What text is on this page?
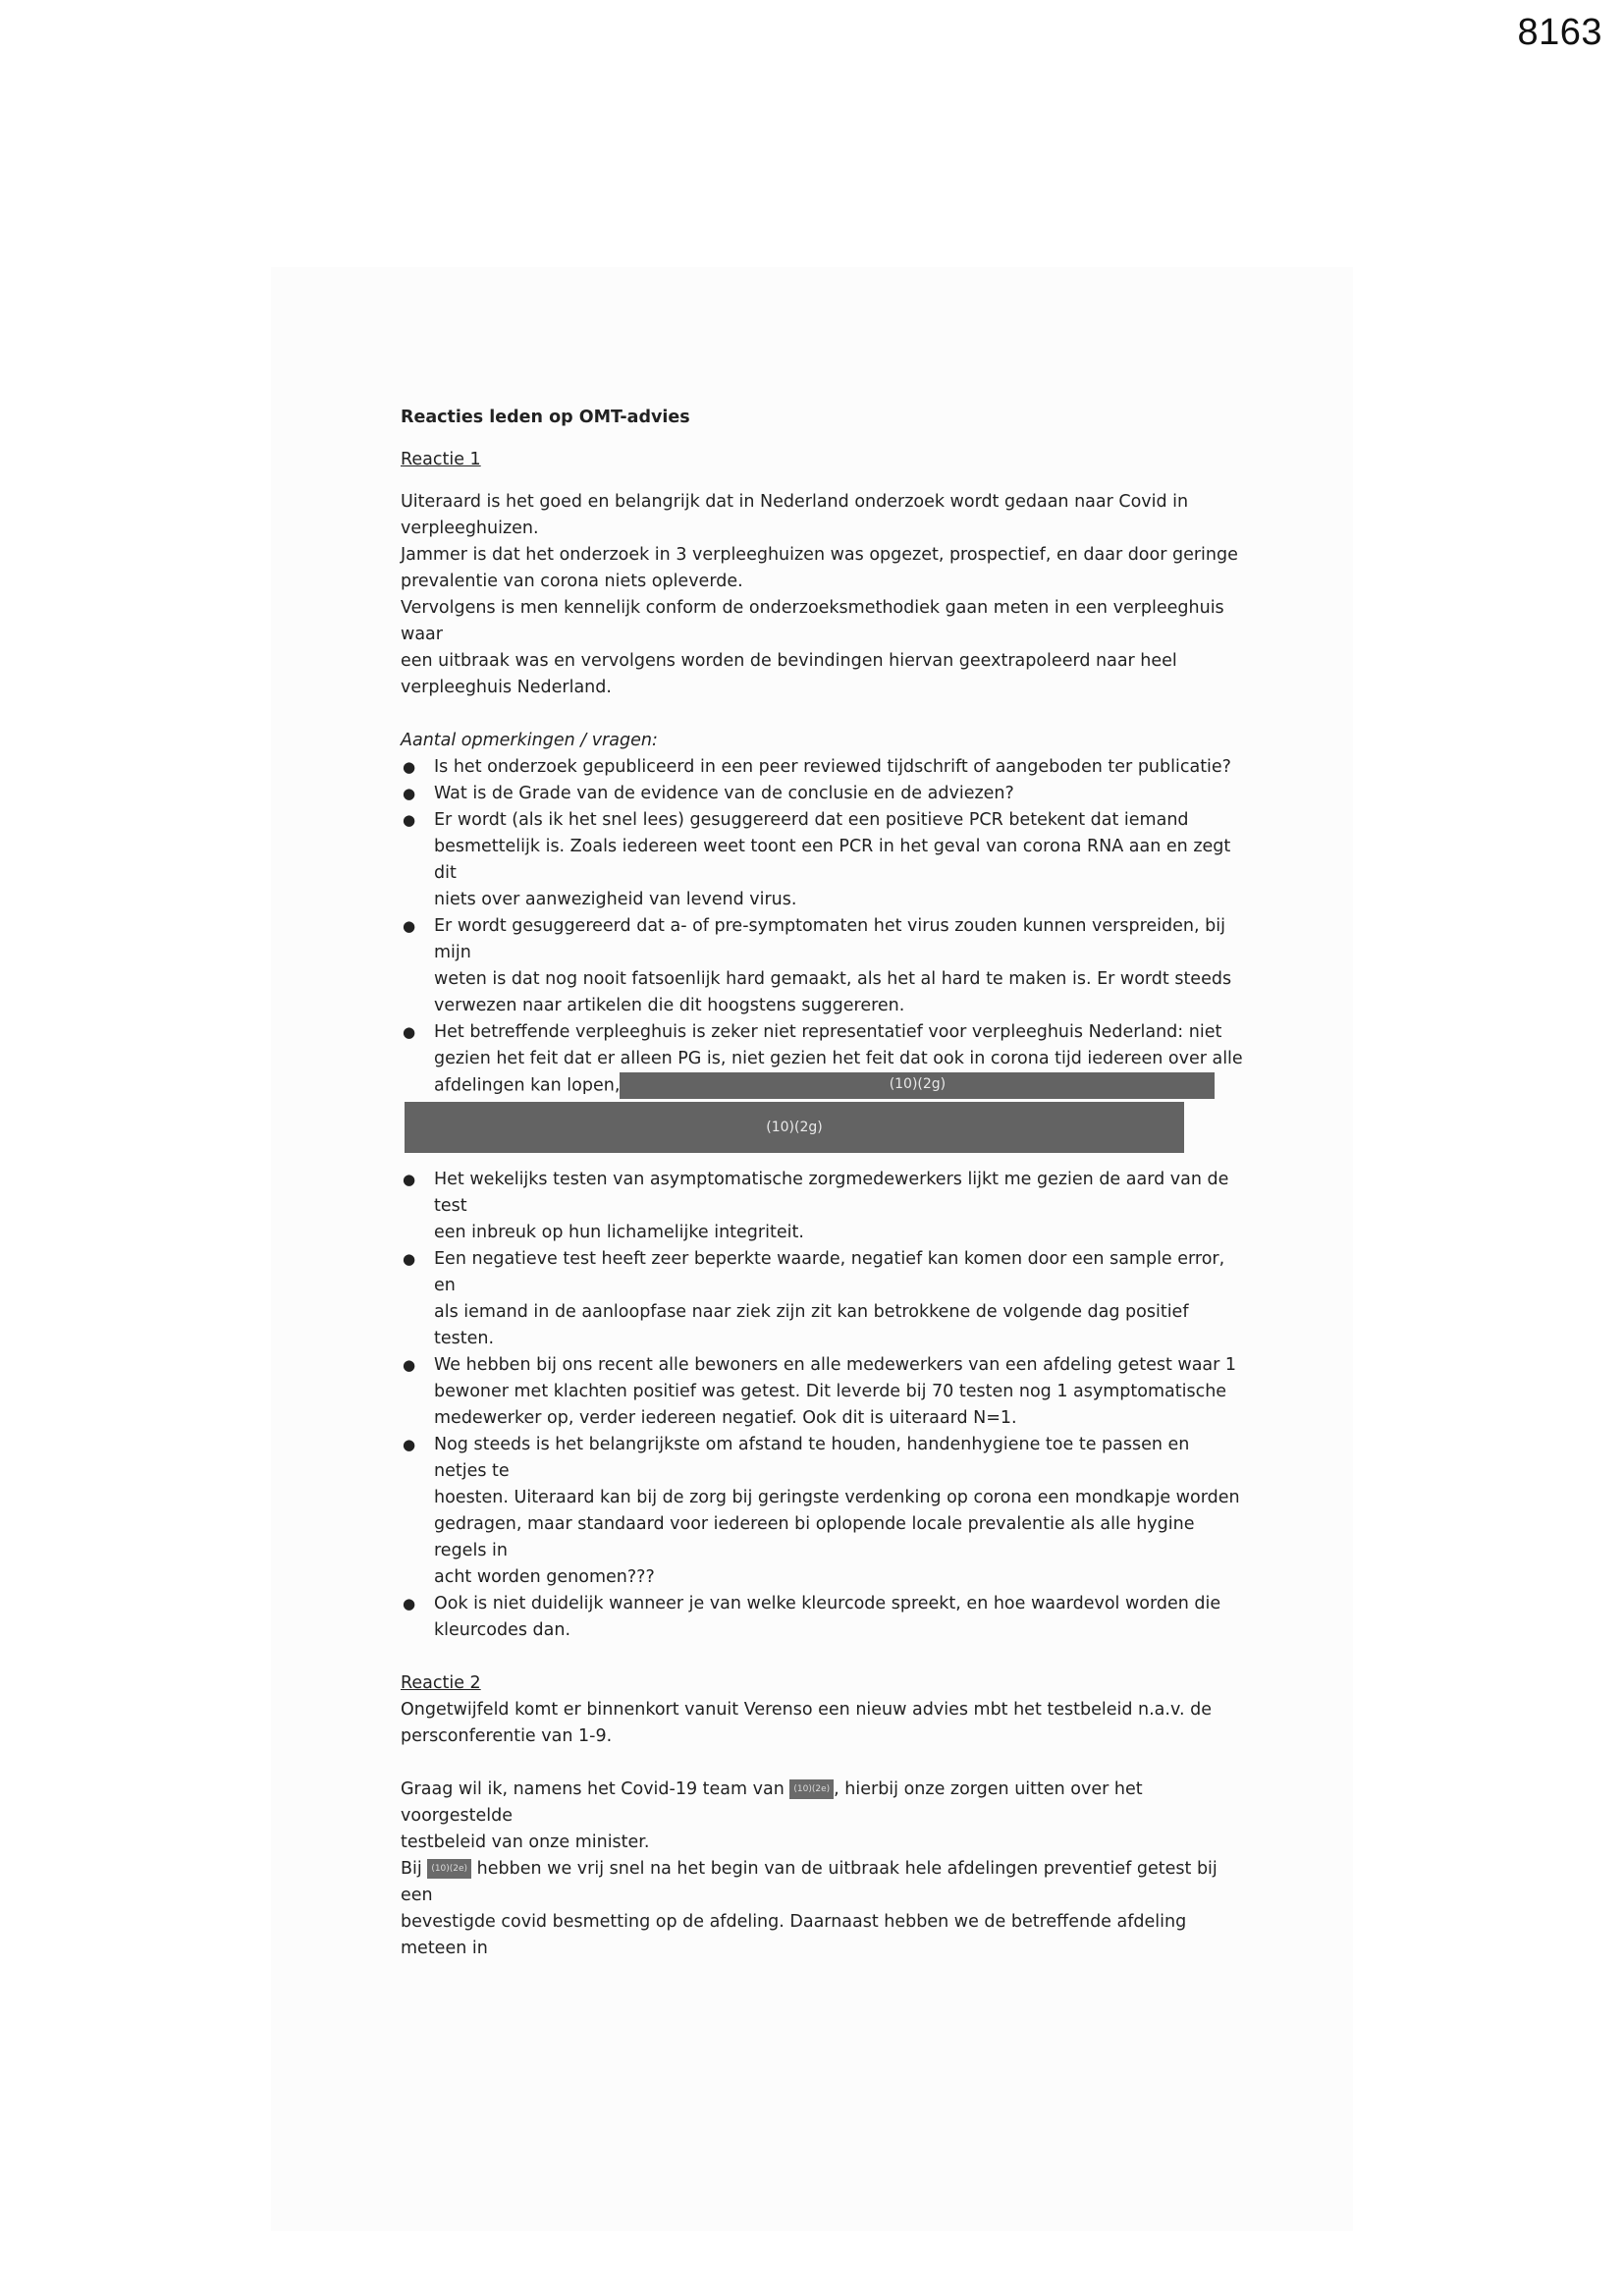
8163

Reacties leden op OMT-advies

Reactie 1

Uiteraard is het goed en belangrijk dat in Nederland onderzoek wordt gedaan naar Covid in

verpleeghuizen.

Jammer is dat het onderzoek in 3 verpleeghuizen was opgezet, prospectief, en daar door geringe

prevalentie van corona niets opleverde.

Vervolgens is men kennelijk conform de onderzoeksmethodiek gaan meten in een verpleeghuis waar

een uitbraak was en vervolgens worden de bevindingen hiervan geextrapoleerd naar heel

verpleeghuis Nederland.

Aantal opmerkingen / vragen:

● Is het onderzoek gepubliceerd in een peer reviewed tijdschrift of aangeboden ter publicatie?

● Wat is de Grade van de evidence van de conclusie en de adviezen?

● Er wordt (als ik het snel lees) gesuggereerd dat een positieve PCR betekent dat iemand

besmettelijk is. Zoals iedereen weet toont een PCR in het geval van corona RNA aan en zegt dit

niets over aanwezigheid van levend virus.

● Er wordt gesuggereerd dat a- of pre-symptomaten het virus zouden kunnen verspreiden, bij mijn

weten is dat nog nooit fatsoenlijk hard gemaakt, als het al hard te maken is. Er wordt steeds

verwezen naar artikelen die dit hoogstens suggereren.

● Het betreffende verpleeghuis is zeker niet representatief voor verpleeghuis Nederland: niet

gezien het feit dat er alleen PG is, niet gezien het feit dat ook in corona tijd iedereen over alle

afdelingen kan lopen,	(10)(2g)

(10)(2g)
● Het wekelijks testen van asymptomatische zorgmedewerkers lijkt me gezien de aard van de test

een inbreuk op hun lichamelijke integriteit.

● Een negatieve test heeft zeer beperkte waarde, negatief kan komen door een sample error, en

als iemand in de aanloopfase naar ziek zijn zit kan betrokkene de volgende dag positief testen.

● We hebben bij ons recent alle bewoners en alle medewerkers van een afdeling getest waar 1

bewoner met klachten positief was getest. Dit leverde bij 70 testen nog 1 asymptomatische

medewerker op, verder iedereen negatief. Ook dit is uiteraard N=1.

● Nog steeds is het belangrijkste om afstand te houden, handenhygiene toe te passen en netjes te

hoesten. Uiteraard kan bij de zorg bij geringste verdenking op corona een mondkapje worden

gedragen, maar standaard voor iedereen bi oplopende locale prevalentie als alle hygine regels in

acht worden genomen???

● Ook is niet duidelijk wanneer je van welke kleurcode spreekt, en hoe waardevol worden die

kleurcodes dan.

Reactie 2

Ongetwijfeld komt er binnenkort vanuit Verenso een nieuw advies mbt het testbeleid n.a.v. de

persconferentie van 1-9.

Graag wil ik, namens het Covid-19 team van (10)(2e) , hierbij onze zorgen uitten over het voorgestelde

testbeleid van onze minister.

Bij (10)(2e) hebben we vrij snel na het begin van de uitbraak hele afdelingen preventief getest bij een

bevestigde covid besmetting op de afdeling. Daarnaast hebben we de betreffende afdeling meteen in
